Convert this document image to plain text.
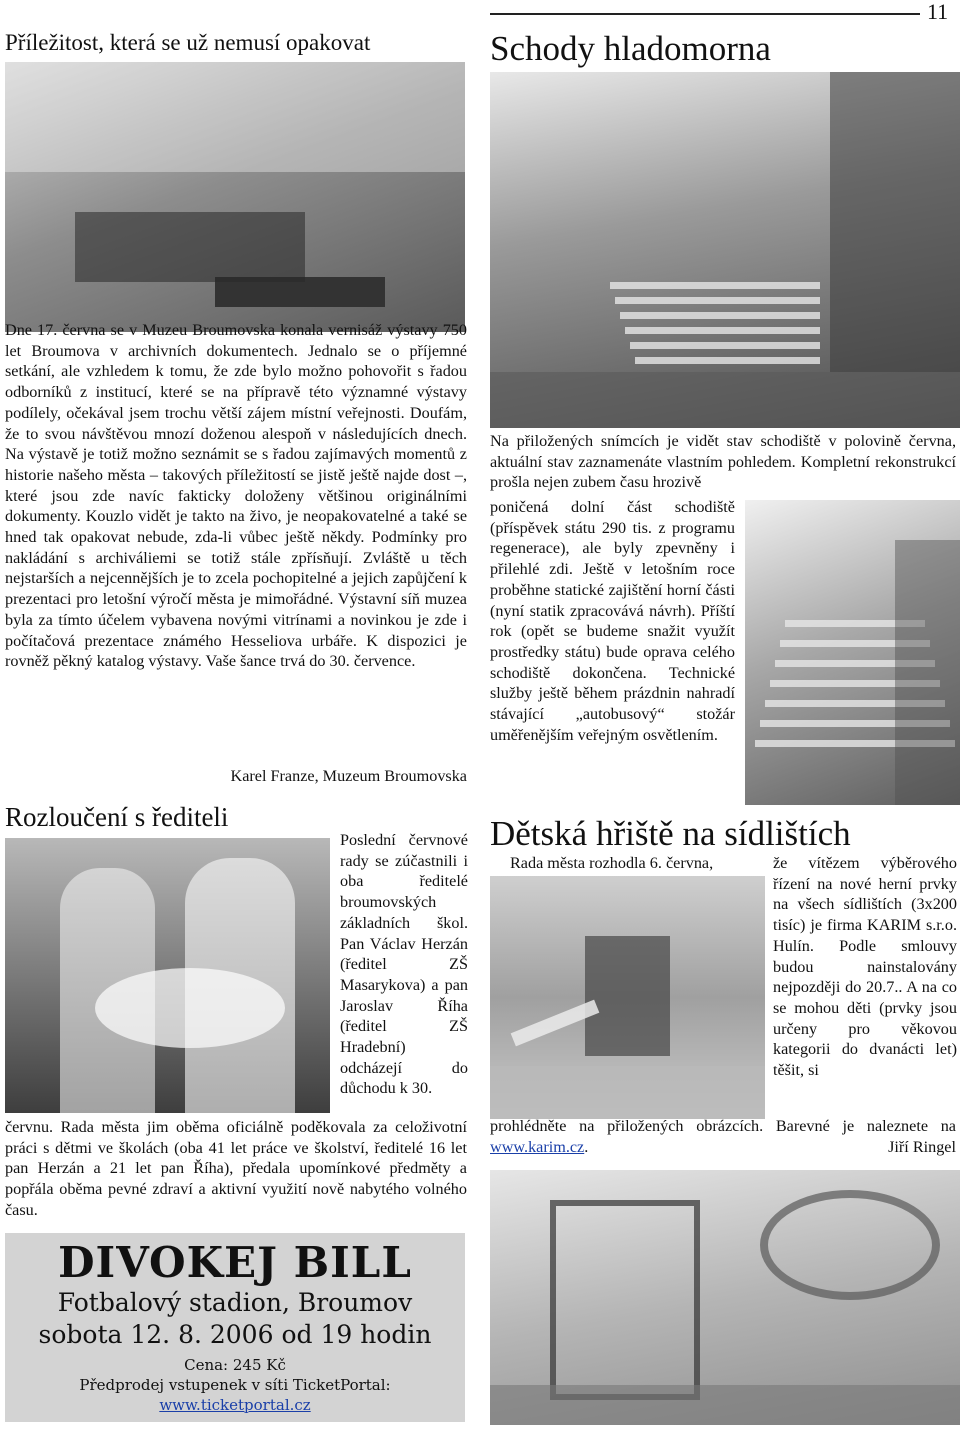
11
Příležitost, která se už nemusí opakovat

Dne 17. června se v Muzeu Broumovska konala vernisáž výstavy 750 let Broumova v archivních dokumentech. Jednalo se o příjemné setkání, ale vzhledem k tomu, že zde bylo možno pohovořit s řadou odborníků z institucí, které se na přípravě této významné výstavy podílely, očekával jsem trochu větší zájem místní veřejnosti. Doufám, že to svou návštěvou mnozí doženou alespoň v následujících dnech. Na výstavě je totiž možno seznámit se s řadou zajímavých momentů z historie našeho města – takových příležitostí se jistě ještě najde dost –, které jsou zde navíc fakticky doloženy většinou originálními dokumenty. Kouzlo vidět je takto na živo, je neopakovatelné a také se hned tak opakovat nebude, zda-li vůbec ještě někdy. Podmínky pro nakládání s archiváliemi se totiž stále zpřísňují. Zvláště u těch nejstarších a nejcennějších je to zcela pochopitelné a jejich zapůjčení k prezentaci pro letošní výročí města je mimořádné. Výstavní síň muzea byla za tímto účelem vybavena novými vitrínami a novinkou je zde i počítačová prezentace známého Hesseliova urbáře. K dispozici je rovněž pěkný katalog výstavy. Vaše šance trvá do 30. července.

Karel Franze, Muzeum Broumovska
Rozloučení s řediteli

Poslední červnové rady se zúčastnili i oba ředitelé broumovských základních škol. Pan Václav Herzán (ředitel ZŠ Masarykova) a pan Jaroslav Říha (ředitel ZŠ Hradební) odcházejí do důchodu k 30.

červnu. Rada města jim oběma oficiálně poděkovala za celoživotní práci s dětmi ve školách (oba 41 let práce ve školství, ředitelé 16 let pan Herzán a 21 let pan Říha), předala upomínkové předměty a popřála oběma pevné zdraví a aktivní využití nově nabytého volného času.

DIVOKEJ BILL
Fotbalový stadion, Broumov
sobota 12. 8. 2006 od 19 hodin
Cena: 245 Kč
Předprodej vstupenek v síti TicketPortal:
www.ticketportal.cz
Schody hladomorna

Na přiložených snímcích je vidět stav schodiště v polovině června, aktuální stav zaznamenáte vlastním pohledem. Kompletní rekonstrukcí prošla nejen zubem času hrozivě

poničená dolní část schodiště (příspěvek státu 290 tis. z programu regenerace), ale byly zpevněny i přilehlé zdi. Ještě v letošním roce proběhne statické zajištění horní části (nyní statik zpracovává návrh). Příští rok (opět se budeme snažit využít prostředky státu) bude oprava celého schodiště dokončena. Technické služby ještě během prázdnin nahradí stávající „autobusový“ stožár uměřenějším veřejným osvětlením.

Dětská hřiště na sídlištích
Rada města rozhodla 6. června,	že vítězem výběrového řízení na nové herní prvky na všech sídlištích (3x200 tisíc) je firma KARIM s.r.o. Hulín. Podle smlouvy budou nainstalovány nejpozději do 20.7.. A na co se mohou děti (prvky jsou určeny pro věkovou kategorii do dvanácti let) těšit, si

prohlédněte na přiložených obrázcích. Barevné je naleznete na www.karim.cz.	Jiří Ringel
